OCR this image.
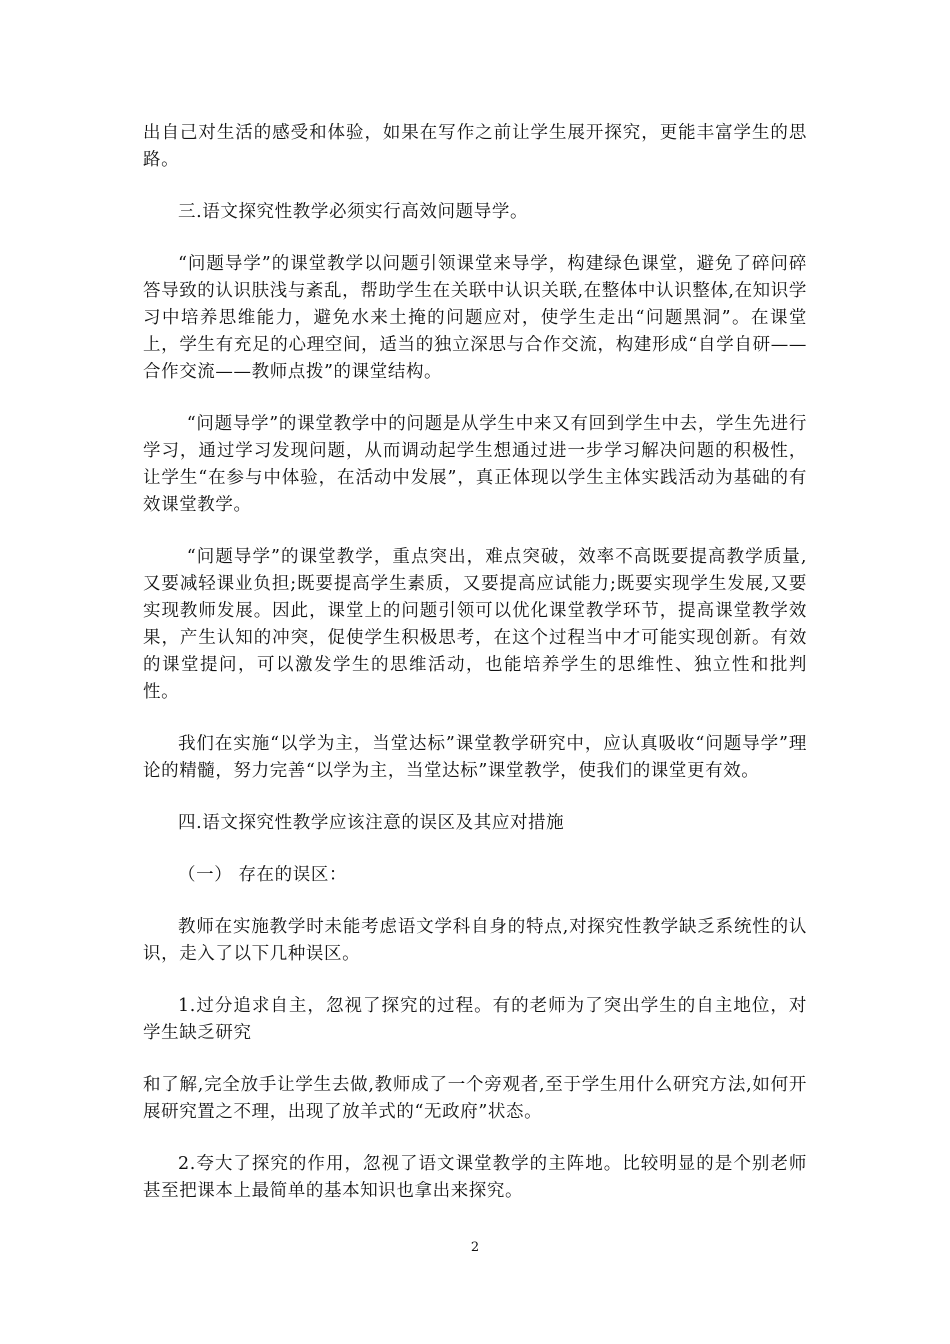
出自己对生活的感受和体验，如果在写作之前让学生展开探究，更能丰富学生的思路。

三.语文探究性教学必须实行高效问题导学。

“问题导学”的课堂教学以问题引领课堂来导学，构建绿色课堂，避免了碎问碎答导致的认识肤浅与紊乱，帮助学生在关联中认识关联,在整体中认识整体,在知识学习中培养思维能力，避免水来土掩的问题应对，使学生走出“问题黑洞”。在课堂上，学生有充足的心理空间，适当的独立深思与合作交流，构建形成“自学自研——合作交流——教师点拨”的课堂结构。

“问题导学”的课堂教学中的问题是从学生中来又有回到学生中去，学生先进行学习，通过学习发现问题，从而调动起学生想通过进一步学习解决问题的积极性，让学生“在参与中体验，在活动中发展”，真正体现以学生主体实践活动为基础的有效课堂教学。

“问题导学”的课堂教学，重点突出，难点突破，效率不高既要提高教学质量,又要减轻课业负担;既要提高学生素质，又要提高应试能力;既要实现学生发展,又要实现教师发展。因此，课堂上的问题引领可以优化课堂教学环节，提高课堂教学效果，产生认知的冲突，促使学生积极思考，在这个过程当中才可能实现创新。有效的课堂提问，可以激发学生的思维活动，也能培养学生的思维性、独立性和批判性。

我们在实施“以学为主，当堂达标”课堂教学研究中，应认真吸收“问题导学”理论的精髓，努力完善“以学为主，当堂达标”课堂教学，使我们的课堂更有效。

四.语文探究性教学应该注意的误区及其应对措施

（一） 存在的误区：

教师在实施教学时未能考虑语文学科自身的特点,对探究性教学缺乏系统性的认识，走入了以下几种误区。

1.过分追求自主，忽视了探究的过程。有的老师为了突出学生的自主地位，对学生缺乏研究

和了解,完全放手让学生去做,教师成了一个旁观者,至于学生用什么研究方法,如何开展研究置之不理，出现了放羊式的“无政府”状态。

2.夸大了探究的作用，忽视了语文课堂教学的主阵地。比较明显的是个别老师甚至把课本上最简单的基本知识也拿出来探究。

2
